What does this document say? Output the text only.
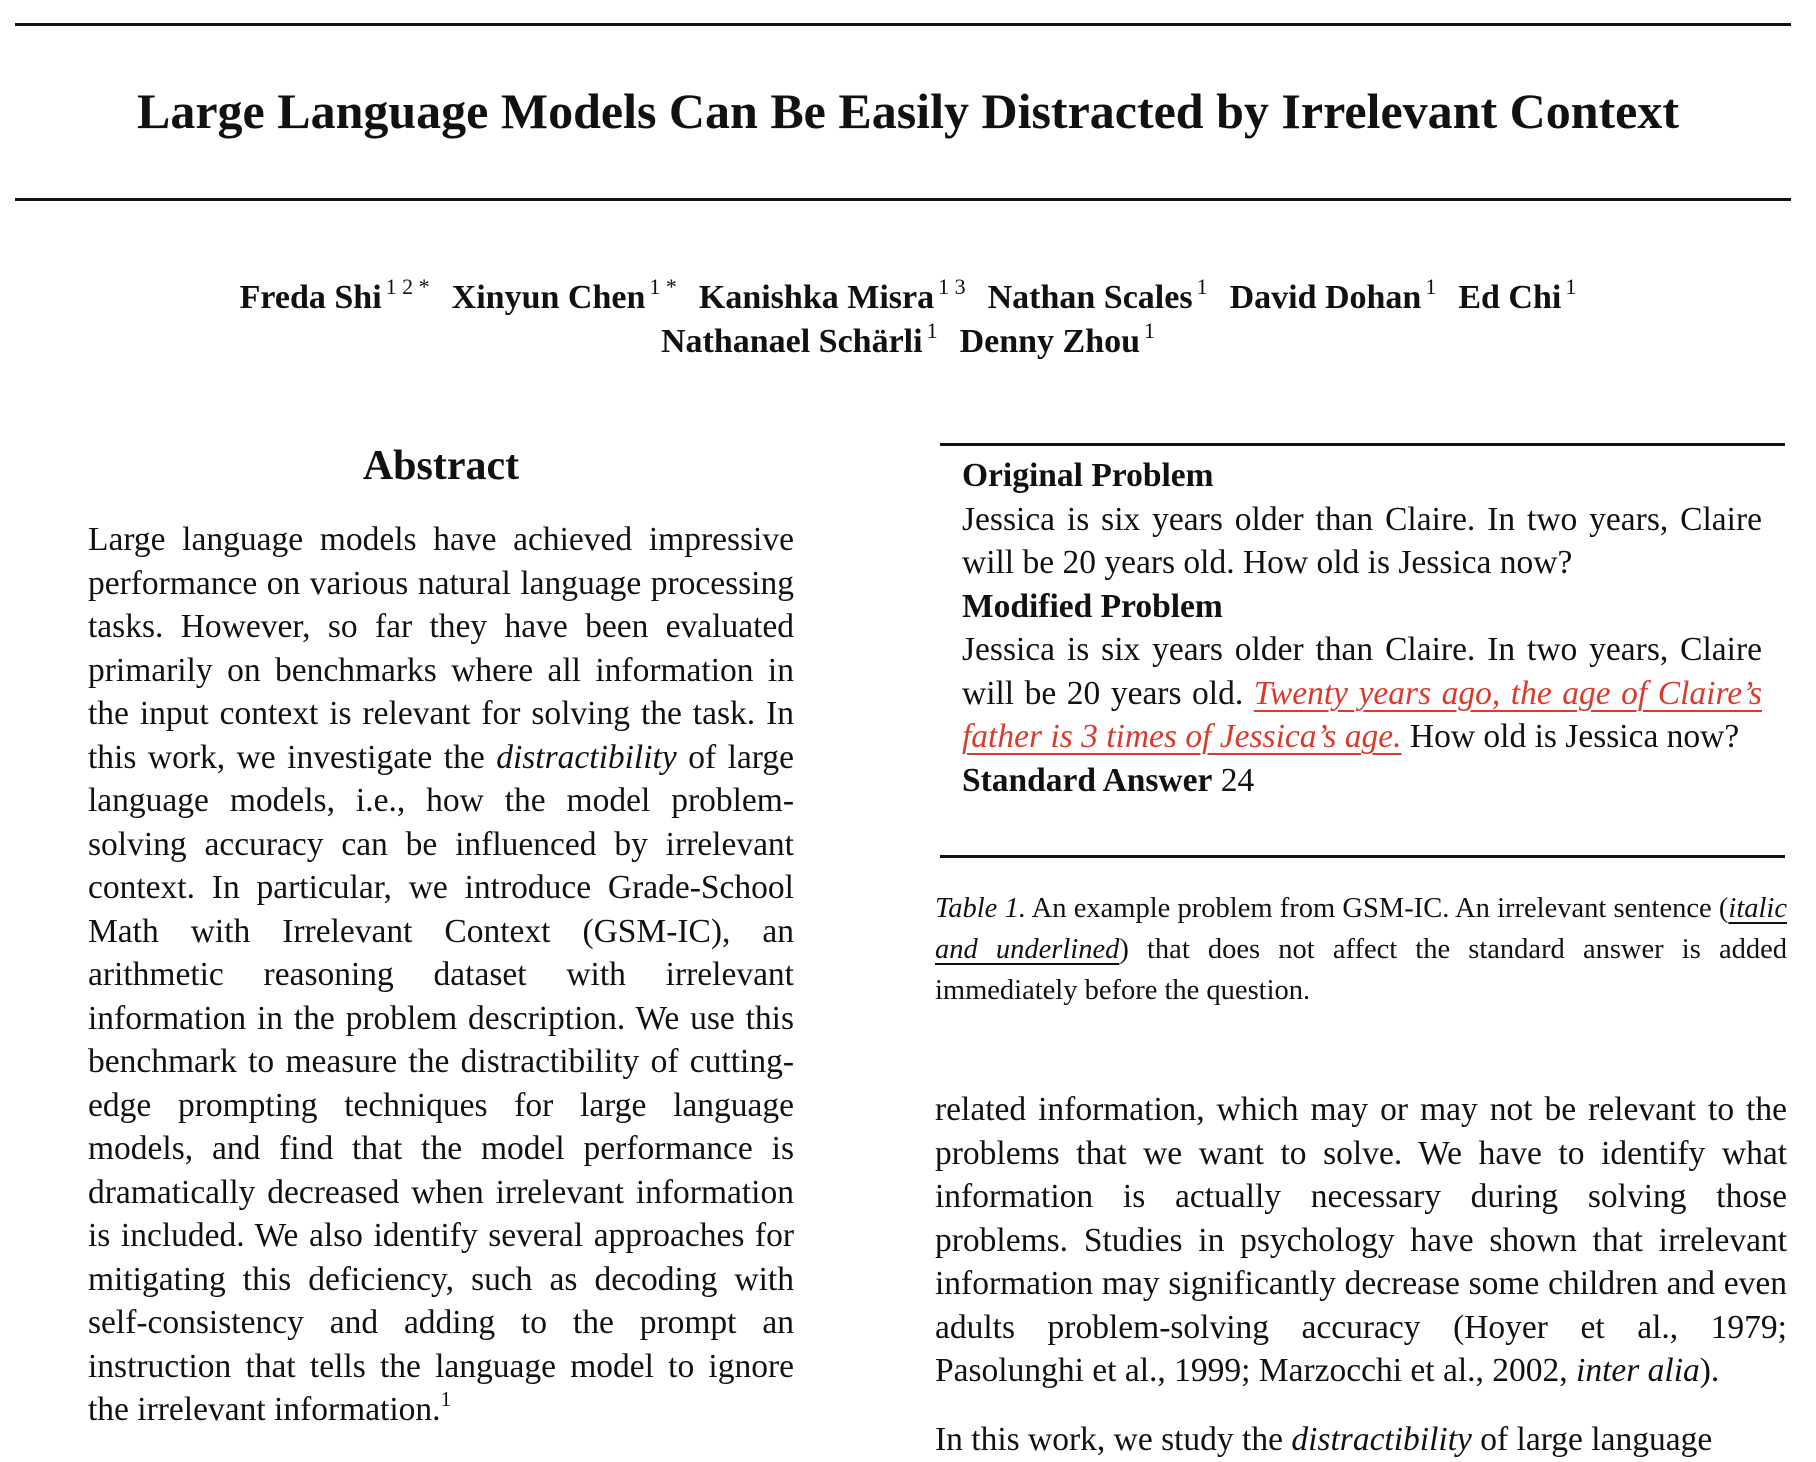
Large Language Models Can Be Easily Distracted by Irrelevant Context
Freda Shi $^{1 2 *}$ Xinyun Chen $^{1 *}$ Kanishka Misra $^{1 3}$ Nathan Scales $^1$ David Dohan $^1$ Ed Chi $^1$
Nathanael Schärli $^1$ Denny Zhou $^1$
Abstract

Large language models have achieved impressive performance on various natural language processing tasks. However, so far they have been evaluated primarily on benchmarks where all information in the input context is relevant for solving the task. In this work, we investigate the distractibility of large language models, i.e., how the model problem-solving accuracy can be influenced by irrelevant context. In particular, we introduce Grade-School Math with Irrelevant Context (GSM-IC), an arithmetic reasoning dataset with irrelevant information in the problem description. We use this benchmark to measure the distractibility of cutting-edge prompting techniques for large language models, and find that the model performance is dramatically decreased when irrelevant information is included. We also identify several approaches for mitigating this deficiency, such as decoding with self-consistency and adding to the prompt an instruction that tells the language model to ignore the irrelevant information.$^1$

Original Problem
Jessica is six years older than Claire. In two years, Claire will be 20 years old. How old is Jessica now?
Modified Problem
Jessica is six years older than Claire. In two years, Claire will be 20 years old. Twenty years ago, the age of Claire’s father is 3 times of Jessica’s age. How old is Jessica now?
Standard Answer 24

Table 1. An example problem from GSM-IC. An irrelevant sentence (italic and underlined) that does not affect the standard answer is added immediately before the question.

related information, which may or may not be relevant to the problems that we want to solve. We have to identify what information is actually necessary during solving those problems. Studies in psychology have shown that irrelevant information may significantly decrease some children and even adults problem-solving accuracy (Hoyer et al., 1979; Pasolunghi et al., 1999; Marzocchi et al., 2002, inter alia).

In this work, we study the distractibility of large language
